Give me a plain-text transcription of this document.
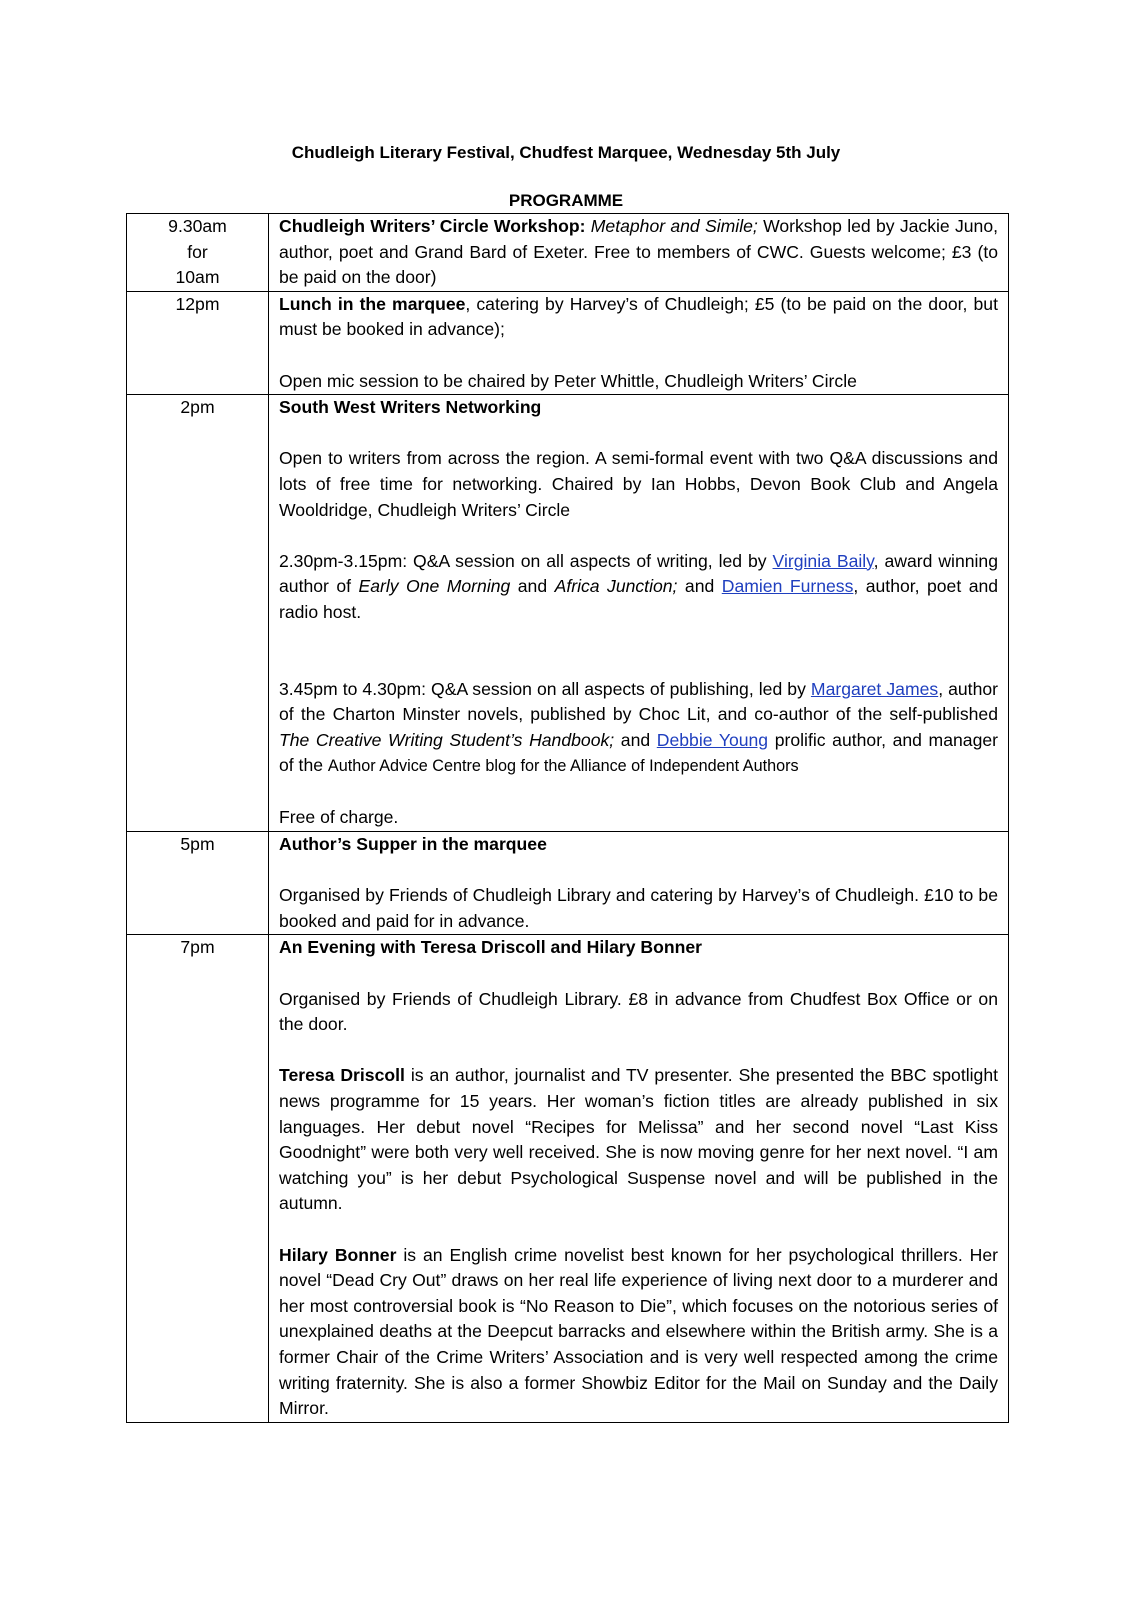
Chudleigh Literary Festival, Chudfest Marquee, Wednesday 5th July
PROGRAMME
9.30am
for
10am	Chudleigh Writers’ Circle Workshop: Metaphor and Simile; Workshop led by Jackie Juno, author, poet and Grand Bard of Exeter. Free to members of CWC. Guests welcome; £3 (to be paid on the door)

12pm	Lunch in the marquee, catering by Harvey’s of Chudleigh; £5 (to be paid on the door, but must be booked in advance);

Open mic session to be chaired by Peter Whittle, Chudleigh Writers’ Circle

2pm	South West Writers Networking

Open to writers from across the region. A semi-formal event with two Q&A discussions and lots of free time for networking. Chaired by Ian Hobbs, Devon Book Club and Angela Wooldridge, Chudleigh Writers’ Circle

2.30pm-3.15pm: Q&A session on all aspects of writing, led by Virginia Baily, award winning author of Early One Morning and Africa Junction; and Damien Furness, author, poet and radio host.

3.45pm to 4.30pm: Q&A session on all aspects of publishing, led by Margaret James, author of the Charton Minster novels, published by Choc Lit, and co-author of the self-published The Creative Writing Student’s Handbook; and Debbie Young prolific author, and manager of the Author Advice Centre blog for the Alliance of Independent Authors

Free of charge.

5pm	Author’s Supper in the marquee

Organised by Friends of Chudleigh Library and catering by Harvey’s of Chudleigh. £10 to be booked and paid for in advance.

7pm	An Evening with Teresa Driscoll and Hilary Bonner

Organised by Friends of Chudleigh Library. £8 in advance from Chudfest Box Office or on the door.

Teresa Driscoll is an author, journalist and TV presenter. She presented the BBC spotlight news programme for 15 years. Her woman’s fiction titles are already published in six languages. Her debut novel “Recipes for Melissa” and her second novel “Last Kiss Goodnight” were both very well received. She is now moving genre for her next novel. “I am watching you” is her debut Psychological Suspense novel and will be published in the autumn.

Hilary Bonner is an English crime novelist best known for her psychological thrillers. Her novel “Dead Cry Out” draws on her real life experience of living next door to a murderer and her most controversial book is “No Reason to Die”, which focuses on the notorious series of unexplained deaths at the Deepcut barracks and elsewhere within the British army. She is a former Chair of the Crime Writers’ Association and is very well respected among the crime writing fraternity. She is also a former Showbiz Editor for the Mail on Sunday and the Daily Mirror.
